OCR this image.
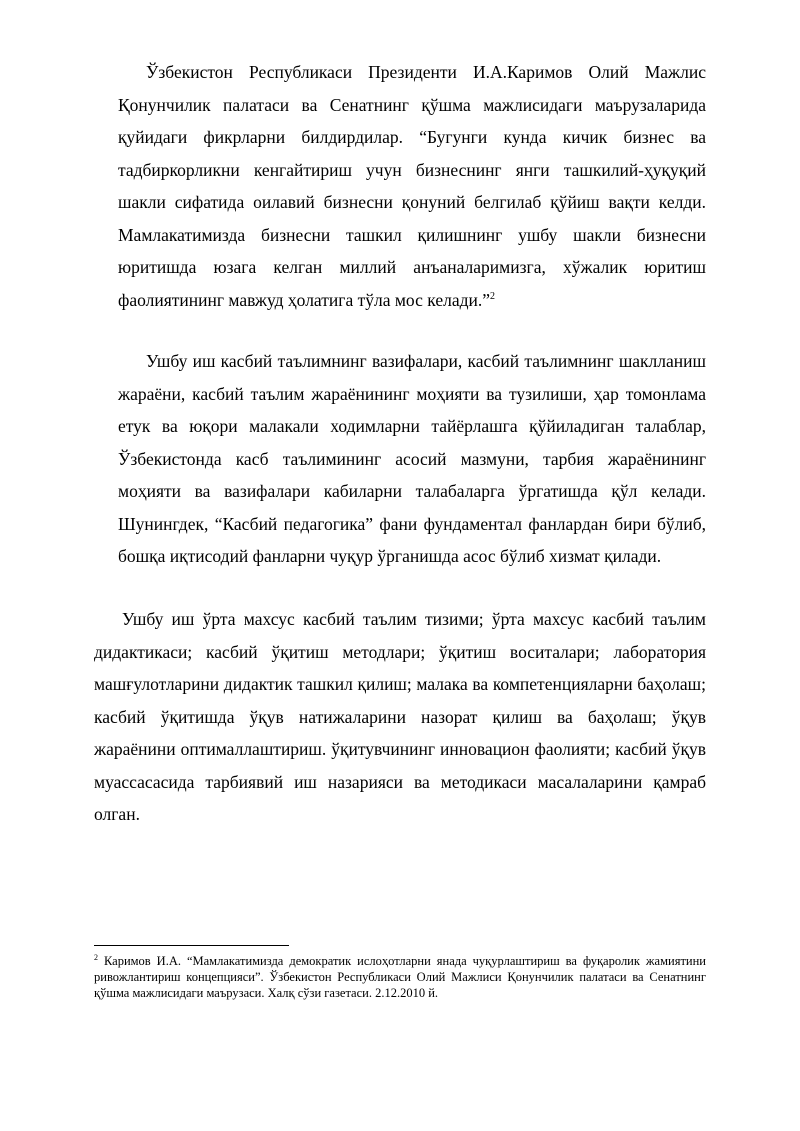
Ўзбекистон Республикаси Президенти И.А.Каримов Олий Мажлис Қонунчилик палатаси ва Сенатнинг қўшма мажлисидаги маърузаларида қуйидаги фикрларни билдирдилар. “Бугунги кунда кичик бизнес ва тадбиркорликни кенгайтириш учун бизнеснинг янги ташкилий-ҳуқуқий шакли сифатида оилавий бизнесни қонуний белгилаб қўйиш вақти келди. Мамлакатимизда бизнесни ташкил қилишнинг ушбу шакли бизнесни юритишда юзага келган миллий анъаналаримизга, хўжалик юритиш фаолиятининг мавжуд ҳолатига тўла мос келади.”$^2$

Ушбу иш касбий таълимнинг вазифалари, касбий таълимнинг шаклланиш жараёни, касбий таълим жараёнининг моҳияти ва тузилиши, ҳар томонлама етук ва юқори малакали ходимларни тайёрлашга қўйиладиган талаблар, Ўзбекистонда касб таълимининг асосий мазмуни, тарбия жараёнининг моҳияти ва вазифалари кабиларни талабаларга ўргатишда қўл келади. Шунингдек, “Касбий педагогика” фани фундаментал фанлардан бири бўлиб, бошқа иқтисодий фанларни чуқур ўрганишда асос бўлиб хизмат қилади.

Ушбу иш ўрта махсус касбий таълим тизими; ўрта махсус касбий таълим дидактикаси; касбий ўқитиш методлари; ўқитиш воситалари; лаборатория машғулотларини дидактик ташкил қилиш; малака ва компетенцияларни баҳолаш; касбий ўқитишда ўқув натижаларини назорат қилиш ва баҳолаш; ўқув жараёнини оптималлаштириш. ўқитувчининг инновацион фаолияти; касбий ўқув муассасасида тарбиявий иш назарияси ва методикаси масалаларини қамраб олган.

$^2$ Каримов И.А. “Мамлакатимизда демократик ислоҳотларни янада чуқурлаштириш ва фуқаролик жамиятини ривожлантириш концепцияси”. Ўзбекистон Республикаси Олий Мажлиси Қонунчилик палатаси ва Сенатнинг қўшма мажлисидаги маърузаси. Халқ сўзи газетаси. 2.12.2010 й.
